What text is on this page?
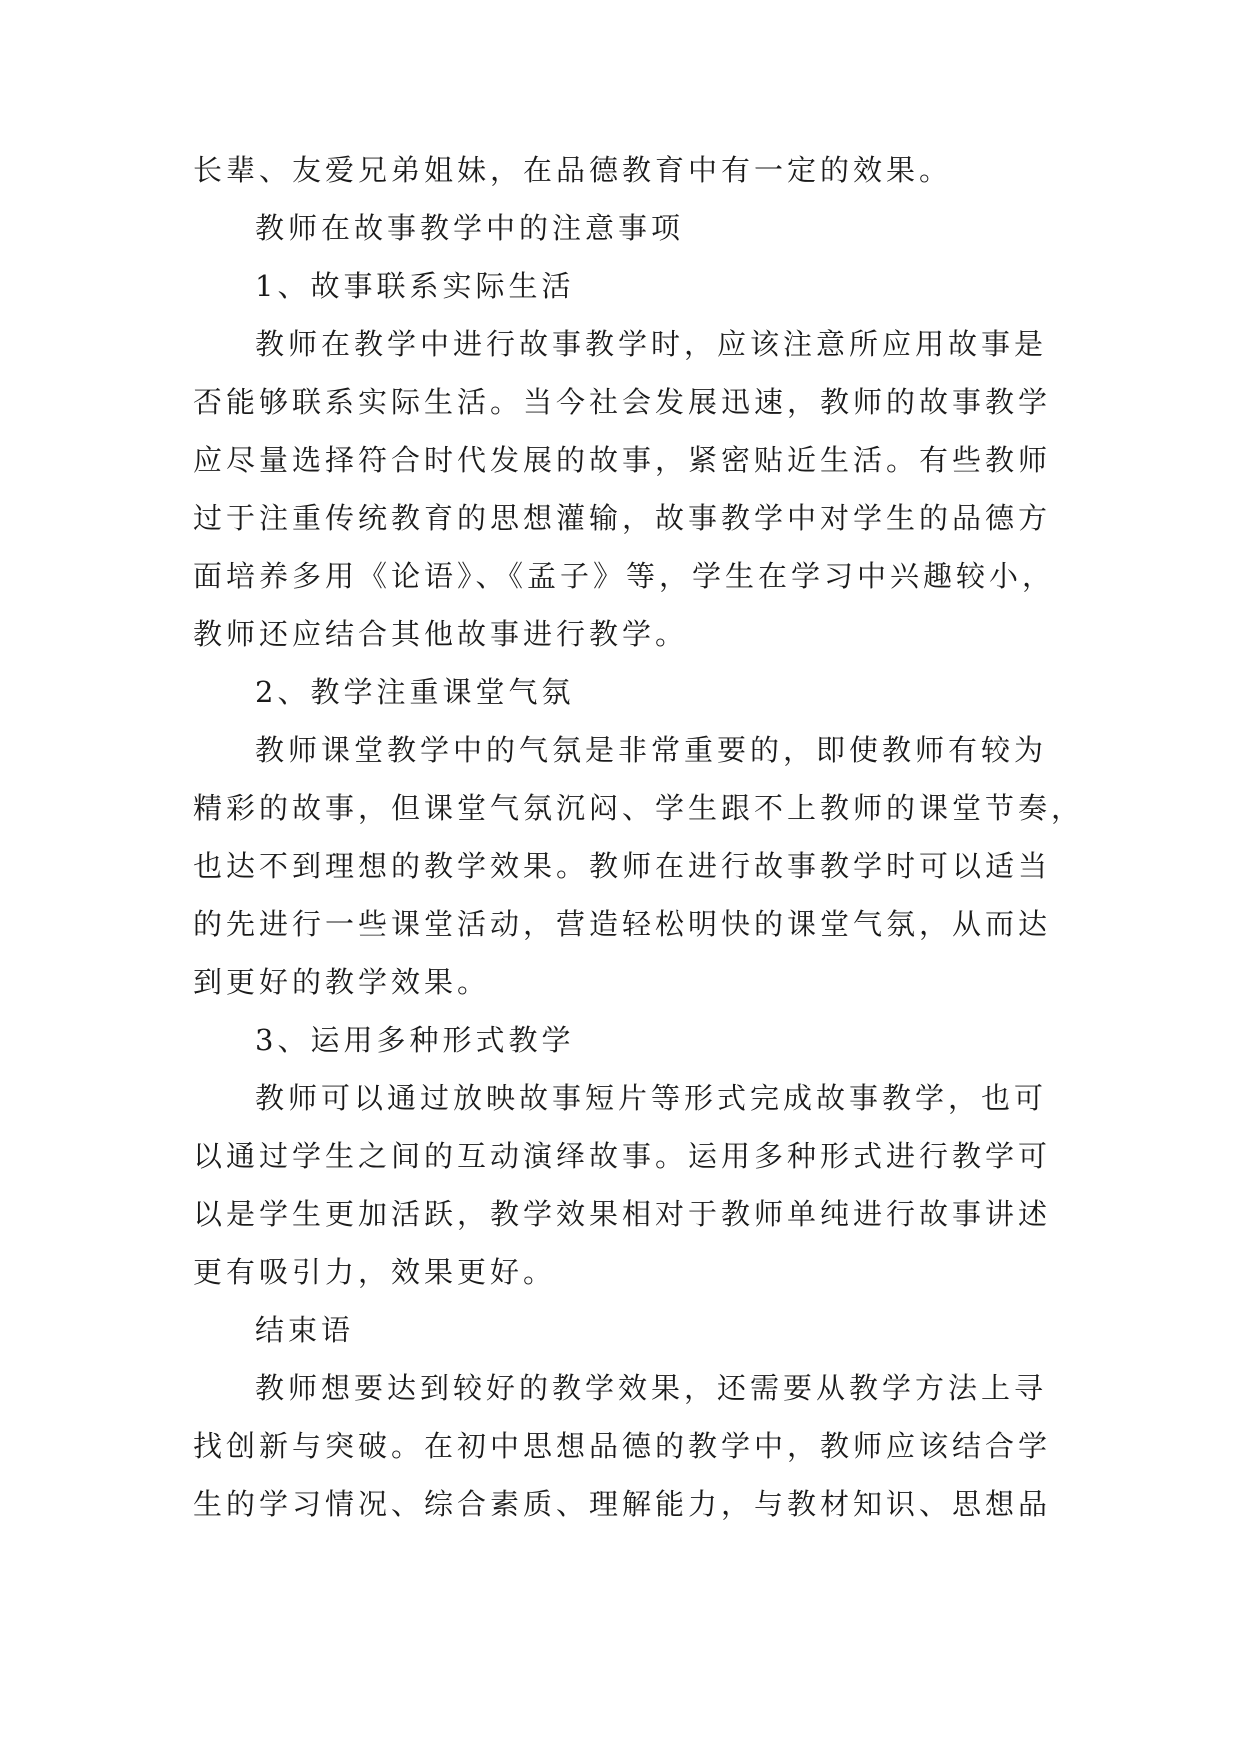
长辈、友爱兄弟姐妹，在品德教育中有一定的效果。
教师在故事教学中的注意事项
1、故事联系实际生活
教师在教学中进行故事教学时，应该注意所应用故事是
否能够联系实际生活。当今社会发展迅速，教师的故事教学
应尽量选择符合时代发展的故事，紧密贴近生活。有些教师
过于注重传统教育的思想灌输，故事教学中对学生的品德方
面培养多用《论语》、《孟子》等，学生在学习中兴趣较小，
教师还应结合其他故事进行教学。
2、教学注重课堂气氛
教师课堂教学中的气氛是非常重要的，即使教师有较为
精彩的故事，但课堂气氛沉闷、学生跟不上教师的课堂节奏，
也达不到理想的教学效果。教师在进行故事教学时可以适当
的先进行一些课堂活动，营造轻松明快的课堂气氛，从而达
到更好的教学效果。
3、运用多种形式教学
教师可以通过放映故事短片等形式完成故事教学，也可
以通过学生之间的互动演绎故事。运用多种形式进行教学可
以是学生更加活跃，教学效果相对于教师单纯进行故事讲述
更有吸引力，效果更好。
结束语
教师想要达到较好的教学效果，还需要从教学方法上寻
找创新与突破。在初中思想品德的教学中，教师应该结合学
生的学习情况、综合素质、理解能力，与教材知识、思想品
